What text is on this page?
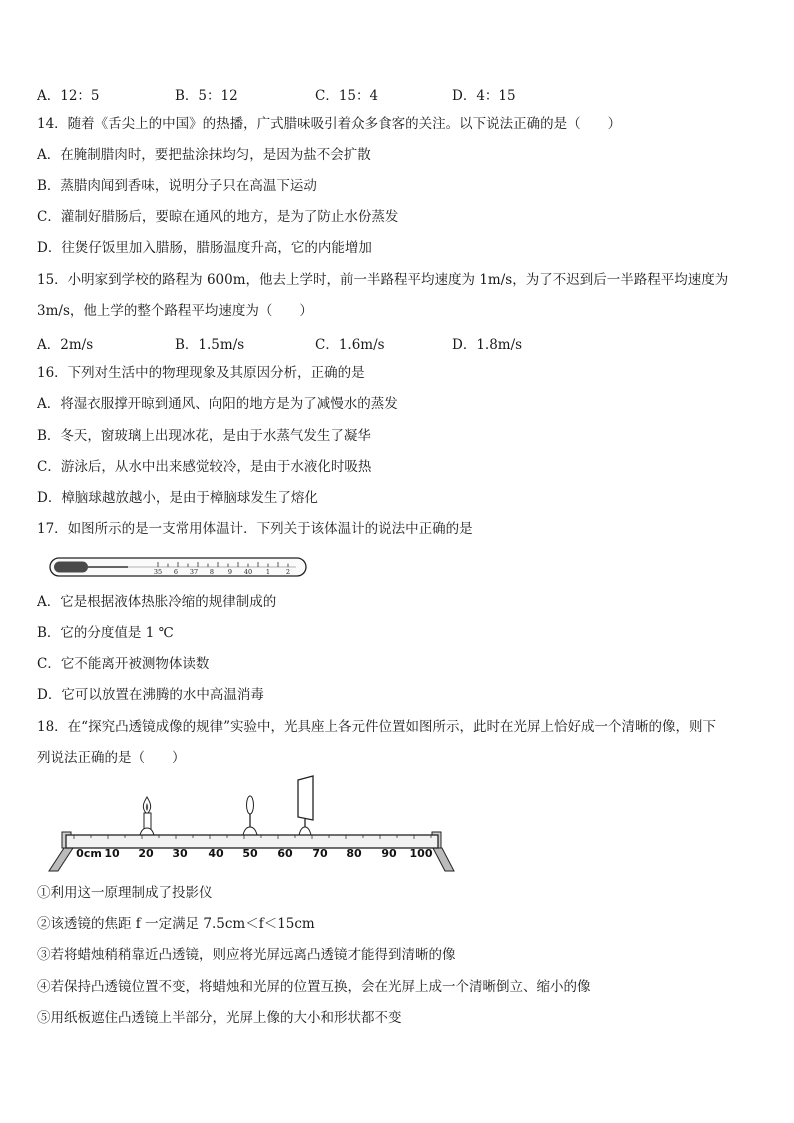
A．12：5	B．5：12	C．15：4	D．4：15
14．随着《舌尖上的中国》的热播，广式腊味吸引着众多食客的关注。以下说法正确的是（　　）
A．在腌制腊肉时，要把盐涂抹均匀，是因为盐不会扩散
B．蒸腊肉闻到香味，说明分子只在高温下运动
C．灌制好腊肠后，要晾在通风的地方，是为了防止水份蒸发
D．往煲仔饭里加入腊肠，腊肠温度升高，它的内能增加
15．小明家到学校的路程为 600m，他去上学时，前一半路程平均速度为 1m/s，为了不迟到后一半路程平均速度为
3m/s，他上学的整个路程平均速度为（　　）
A．2m/s	B．1.5m/s	C．1.6m/s	D．1.8m/s
16．下列对生活中的物理现象及其原因分析，正确的是
A．将湿衣服撑开晾到通风、向阳的地方是为了减慢水的蒸发
B．冬天，窗玻璃上出现冰花，是由于水蒸气发生了凝华
C．游泳后，从水中出来感觉较冷，是由于水液化时吸热
D．樟脑球越放越小，是由于樟脑球发生了熔化
17．如图所示的是一支常用体温计．下列关于该体温计的说法中正确的是
35 6 37 8 9 40 1 2
A．它是根据液体热胀冷缩的规律制成的
B．它的分度值是 1 ℃
C．它不能离开被测物体读数
D．它可以放置在沸腾的水中高温消毒
18．在“探究凸透镜成像的规律”实验中，光具座上各元件位置如图所示，此时在光屏上恰好成一个清晰的像，则下
列说法正确的是（　　）
0cm 10 20 30 40 50 60 70 80 90 100
①利用这一原理制成了投影仪
②该透镜的焦距 f 一定满足 7.5cm＜f＜15cm
③若将蜡烛稍稍靠近凸透镜，则应将光屏远离凸透镜才能得到清晰的像
④若保持凸透镜位置不变，将蜡烛和光屏的位置互换，会在光屏上成一个清晰倒立、缩小的像
⑤用纸板遮住凸透镜上半部分，光屏上像的大小和形状都不变
